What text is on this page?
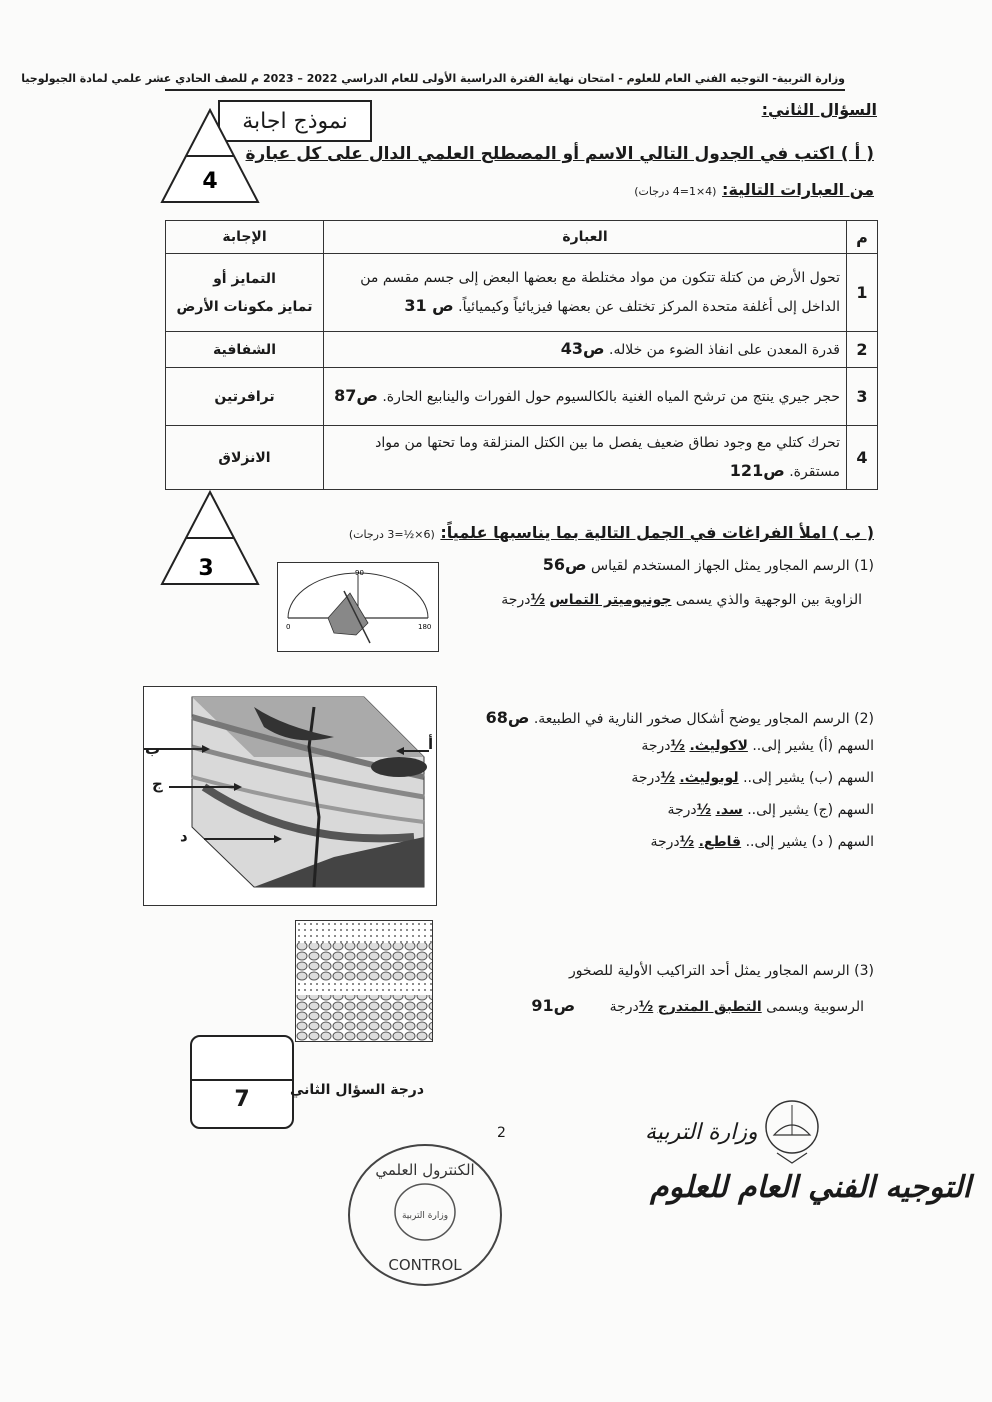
وزارة التربية- التوجيه الفني العام للعلوم - امتحان نهاية الفترة الدراسية الأولى للعام الدراسي 2022 – 2023 م للصف الحادي عشر علمي لمادة الجيولوجيا
السؤال الثاني:
نموذج اجابة
4
( أ ) اكتب في الجدول التالي الاسم أو المصطلح العلمي الدال على كل عبارة
من العبارات التالية: (4×1=4 درجات)
م	العبارة	الإجابة
1	تحول الأرض من كتلة تتكون من مواد مختلطة مع بعضها البعض إلى جسم مقسم من الداخل إلى أغلفة متحدة المركز تختلف عن بعضها فيزيائياً وكيميائياً. ص 31	التمايز أو
تمايز مكونات الأرض

2	قدرة المعدن على انفاذ الضوء من خلاله. ص43	الشفافية
3	حجر جيري ينتج من ترشح المياه الغنية بالكالسيوم حول الفورات والينابيع الحارة. ص87	ترافرتين
4	تحرك كتلي مع وجود نطاق ضعيف يفصل ما بين الكتل المنزلقة وما تحتها من مواد مستقرة. ص121	الانزلاق
3
( ب ) املأ الفراغات في الجمل التالية بما يناسبها علمياً: (6×½=3 درجات)
(1) الرسم المجاور يمثل الجهاز المستخدم لقياس ص56
الزاوية بين الوجهية والذي يسمى جونيوميتر التماس ½درجة
90
0	180
أ
ب
ج
د
(2) الرسم المجاور يوضح أشكال صخور النارية في الطبيعة. ص68
السهم (أ) يشير إلى.. لاكوليث. ½درجة
السهم (ب) يشير إلى.. لوبوليث. ½درجة
السهم (ج) يشير إلى.. سد. ½درجة
السهم ( د) يشير إلى.. قاطع. ½درجة
(3) الرسم المجاور يمثل أحد التراكيب الأولية للصخور
الرسوبية ويسمى التطبق المتدرج ½درجة ص91
7	درجة السؤال الثاني
2
الكنترول العلمي
وزارة التربية
CONTROL
وزارة التربية
التوجيه الفني العام للعلوم
